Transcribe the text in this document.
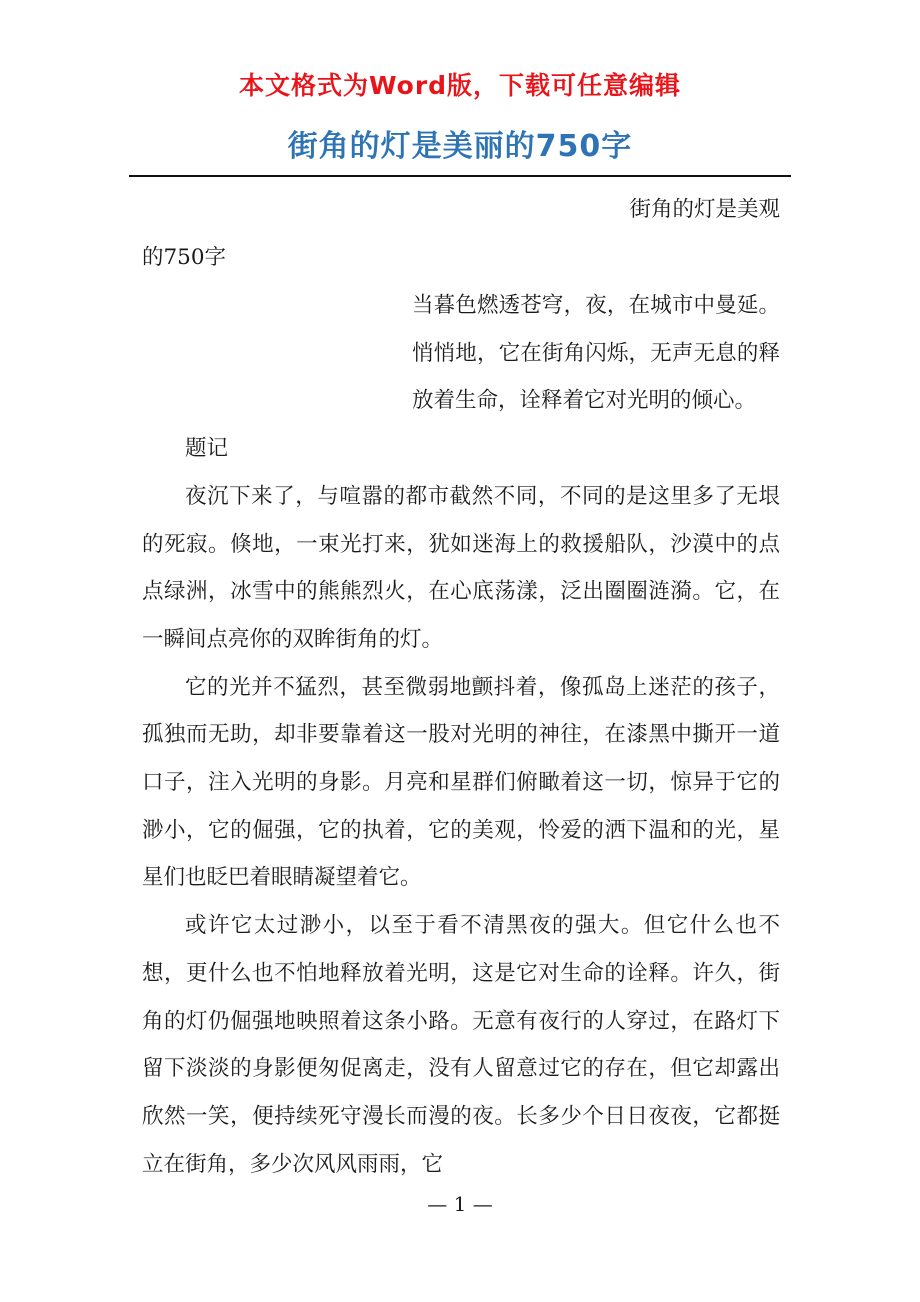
本文格式为Word版，下载可任意编辑
街角的灯是美丽的750字

街角的灯是美观

的750字

当暮色燃透苍穹，夜，在城市中曼延。悄悄地，它在街角闪烁，无声无息的释放着生命，诠释着它对光明的倾心。

题记

夜沉下来了，与喧嚣的都市截然不同，不同的是这里多了无垠的死寂。倏地，一束光打来，犹如迷海上的救援船队，沙漠中的点点绿洲，冰雪中的熊熊烈火，在心底荡漾，泛出圈圈涟漪。它，在一瞬间点亮你的双眸街角的灯。

它的光并不猛烈，甚至微弱地颤抖着，像孤岛上迷茫的孩子，孤独而无助，却非要靠着这一股对光明的神往，在漆黑中撕开一道口子，注入光明的身影。月亮和星群们俯瞰着这一切，惊异于它的渺小，它的倔强，它的执着，它的美观，怜爱的洒下温和的光，星星们也眨巴着眼睛凝望着它。

或许它太过渺小，以至于看不清黑夜的强大。但它什么也不想，更什么也不怕地释放着光明，这是它对生命的诠释。许久，街角的灯仍倔强地映照着这条小路。无意有夜行的人穿过，在路灯下留下淡淡的身影便匆促离走，没有人留意过它的存在，但它却露出欣然一笑，便持续死守漫长而漫的夜。长多少个日日夜夜，它都挺立在街角，多少次风风雨雨，它

— 1 —
